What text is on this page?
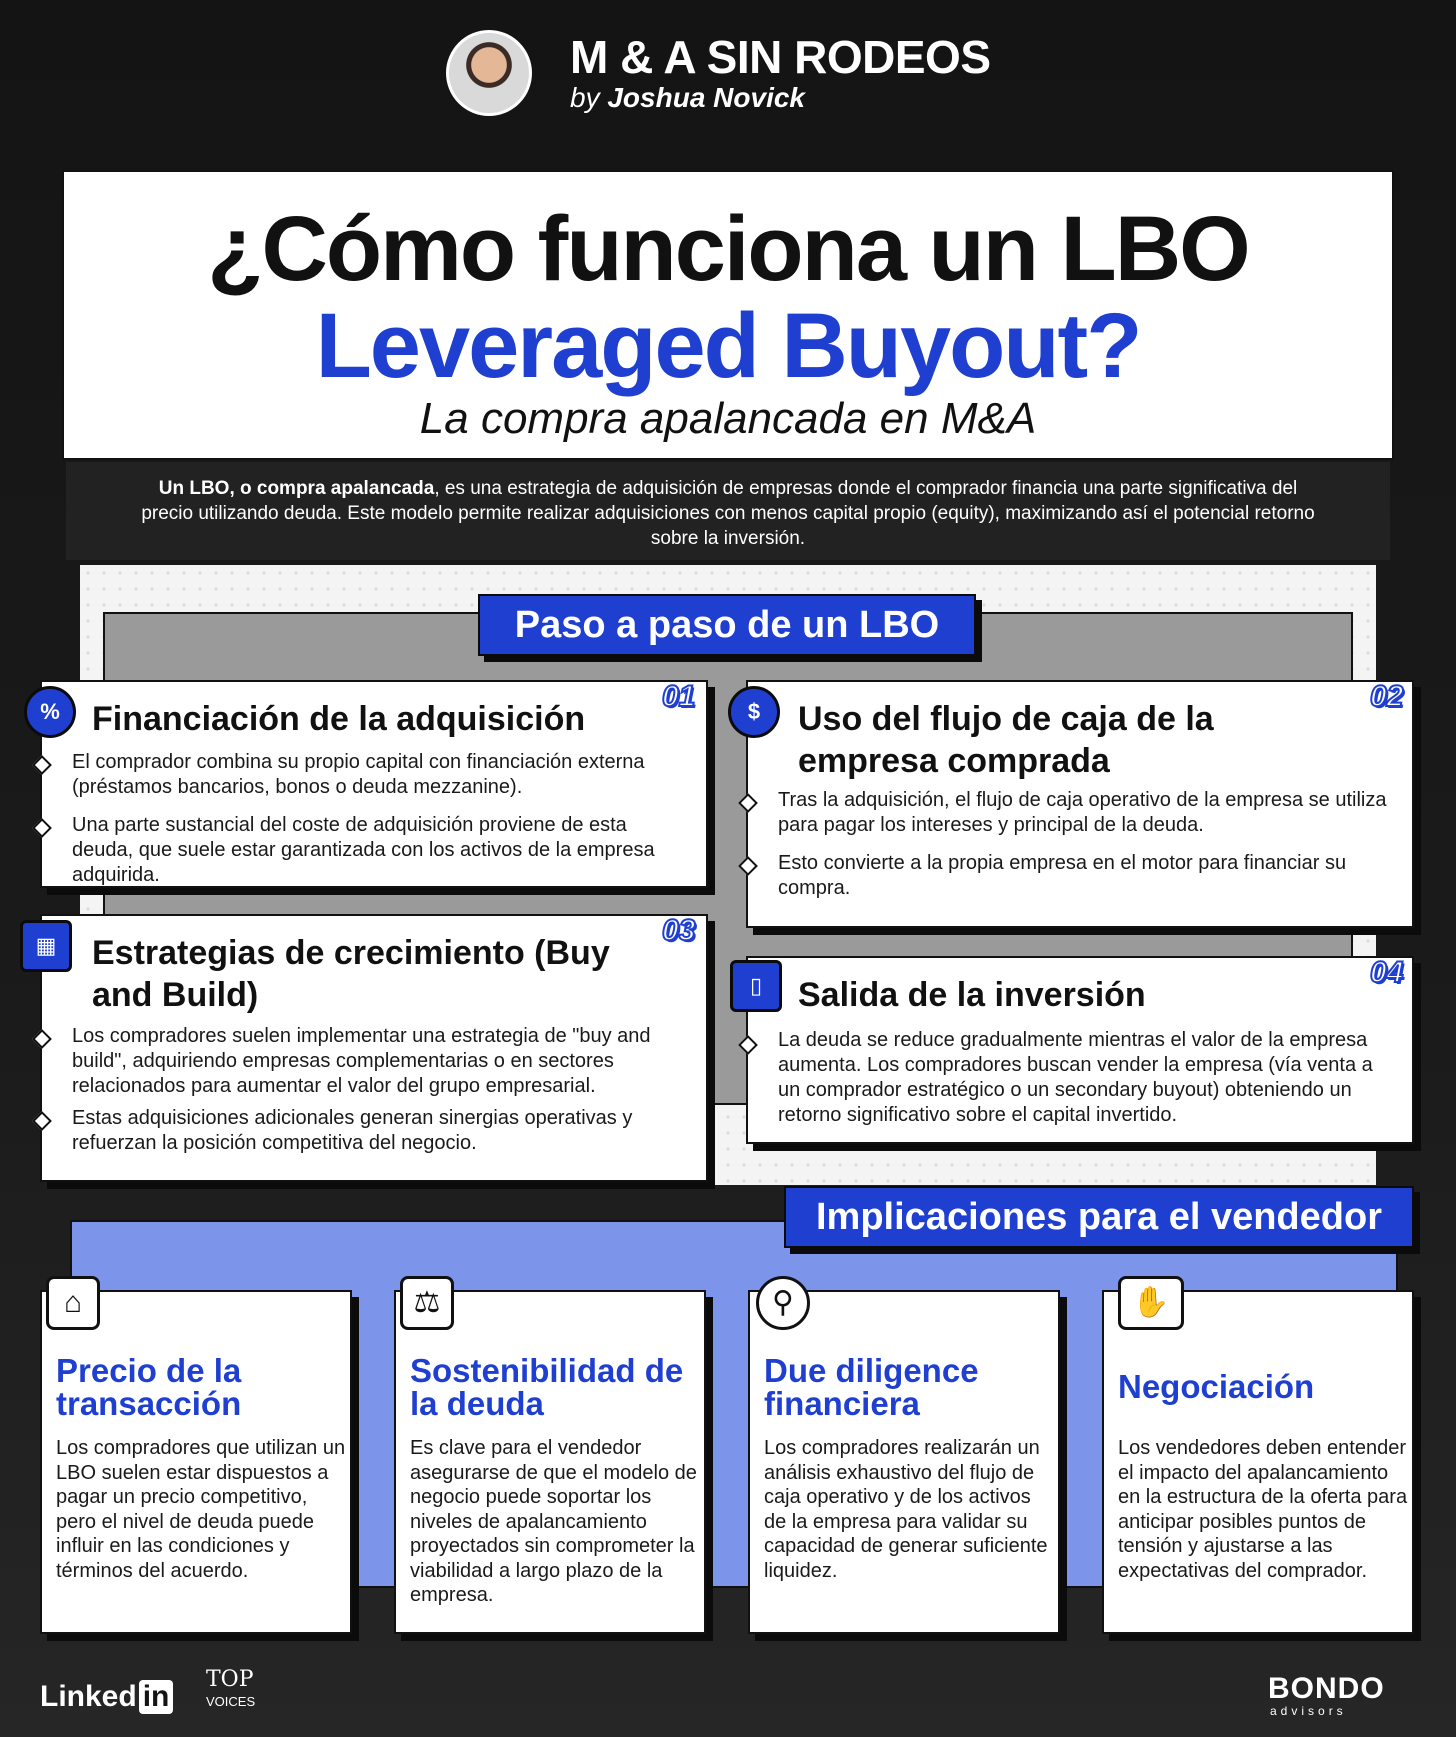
M & A SIN RODEOS
by Joshua Novick
¿Cómo funciona un LBO
Leveraged Buyout?
La compra apalancada en M&A
Un LBO, o compra apalancada, es una estrategia de adquisición de empresas donde el comprador financia una parte significativa del precio utilizando deuda. Este modelo permite realizar adquisiciones con menos capital propio (equity), maximizando así el potencial retorno sobre la inversión.
Paso a paso de un LBO
Financiación de la adquisición
01
El comprador combina su propio capital con financiación externa (préstamos bancarios, bonos o deuda mezzanine).
Una parte sustancial del coste de adquisición proviene de esta deuda, que suele estar garantizada con los activos de la empresa adquirida.
%	Uso del flujo de caja de la empresa comprada
02
Tras la adquisición, el flujo de caja operativo de la empresa se utiliza para pagar los intereses y principal de la deuda.
Esto convierte a la propia empresa en el motor para financiar su compra.
$
Estrategias de crecimiento (Buy and Build)
03
Los compradores suelen implementar una estrategia de "buy and build", adquiriendo empresas complementarias o en sectores relacionados para aumentar el valor del grupo empresarial.
Estas adquisiciones adicionales generan sinergias operativas y refuerzan la posición competitiva del negocio.
▦
Salida de la inversión
04
La deuda se reduce gradualmente mientras el valor de la empresa aumenta. Los compradores buscan vender la empresa (vía venta a un comprador estratégico o un secondary buyout) obteniendo un retorno significativo sobre el capital invertido.
▯
Implicaciones para el vendedor
Precio de la
transacción
Los compradores que utilizan un LBO suelen estar dispuestos a pagar un precio competitivo, pero el nivel de deuda puede influir en las condiciones y términos del acuerdo.
⌂
Sostenibilidad de
la deuda
Es clave para el vendedor asegurarse de que el modelo de negocio puede soportar los niveles de apalancamiento proyectados sin comprometer la viabilidad a largo plazo de la empresa.
⚖
Due diligence
financiera
Los compradores realizarán un análisis exhaustivo del flujo de caja operativo y de los activos de la empresa para validar su capacidad de generar suficiente liquidez.
⚲
Negociación
Los vendedores deben entender el impacto del apalancamiento en la estructura de la oferta para anticipar posibles puntos de tensión y ajustarse a las expectativas del comprador.
✋
Linked in
TOP
VOICES	BONDO
advisors
